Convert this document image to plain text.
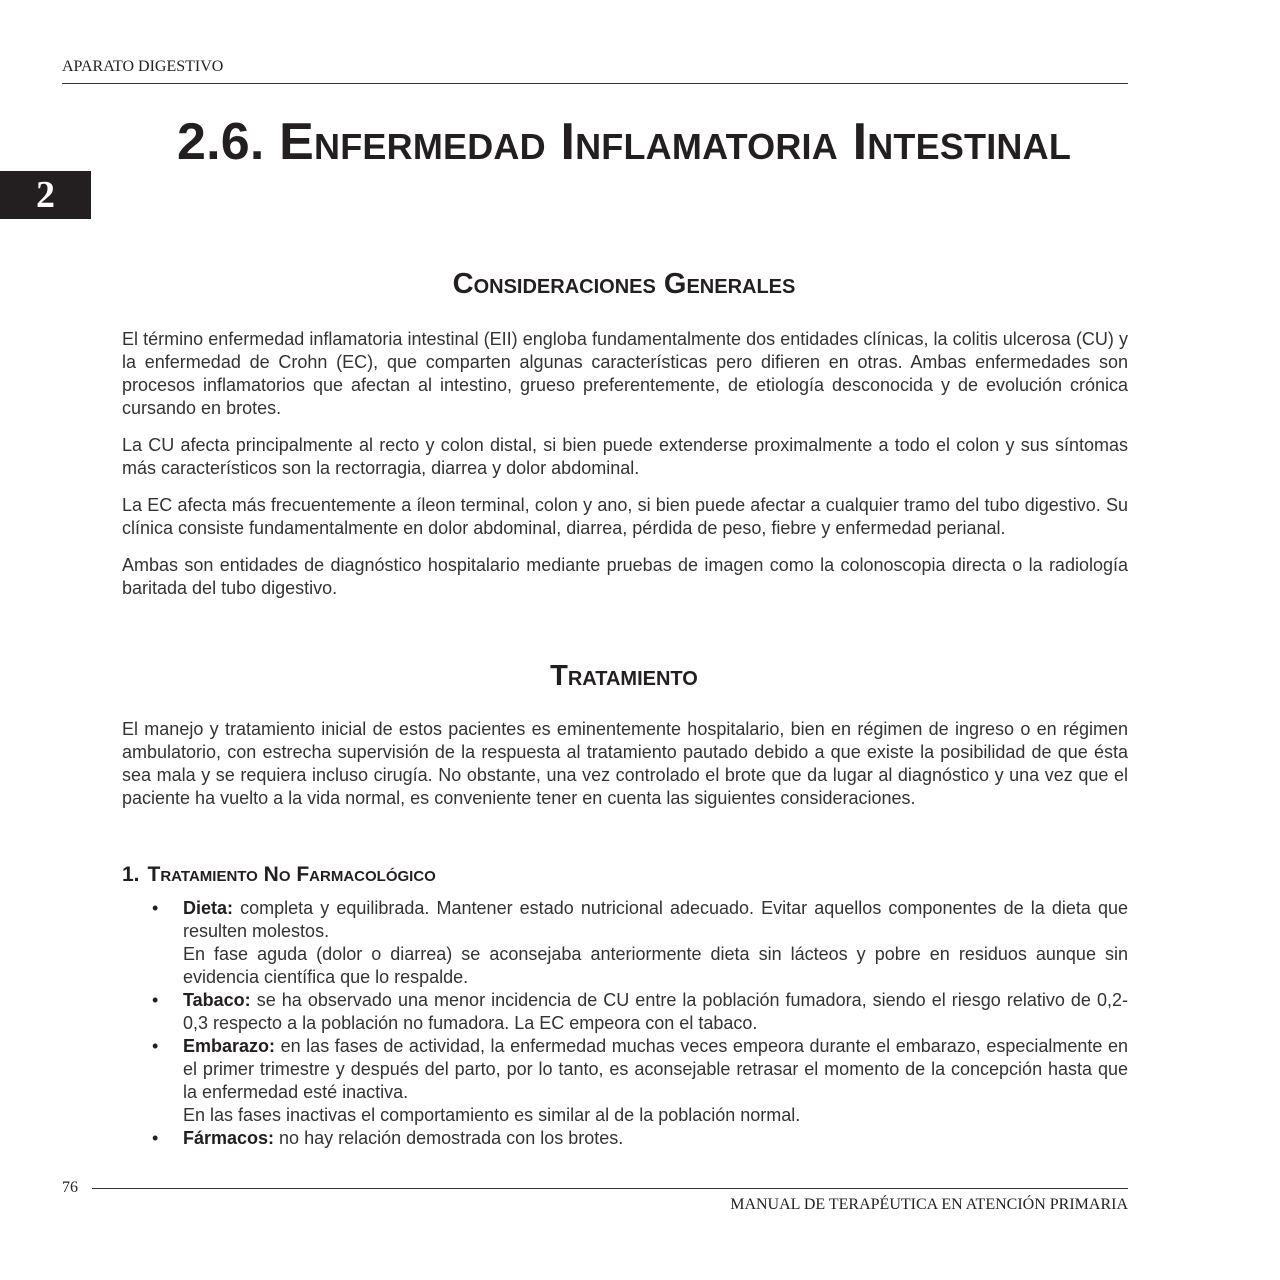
APARATO DIGESTIVO
2
2.6. Enfermedad Inflamatoria Intestinal
Consideraciones Generales

El término enfermedad inflamatoria intestinal (EII) engloba fundamentalmente dos entidades clínicas, la colitis ulcerosa (CU) y la enfermedad de Crohn (EC), que comparten algunas características pero difieren en otras. Ambas enfermedades son procesos inflamatorios que afectan al intestino, grueso preferentemente, de etiología desconocida y de evolución crónica cursando en brotes.

La CU afecta principalmente al recto y colon distal, si bien puede extenderse proximalmente a todo el colon y sus síntomas más característicos son la rectorragia, diarrea y dolor abdominal.

La EC afecta más frecuentemente a íleon terminal, colon y ano, si bien puede afectar a cualquier tramo del tubo digestivo. Su clínica consiste fundamentalmente en dolor abdominal, diarrea, pérdida de peso, fiebre y enfermedad perianal.

Ambas son entidades de diagnóstico hospitalario mediante pruebas de imagen como la colonoscopia directa o la radiología baritada del tubo digestivo.

Tratamiento

El manejo y tratamiento inicial de estos pacientes es eminentemente hospitalario, bien en régimen de ingreso o en régimen ambulatorio, con estrecha supervisión de la respuesta al tratamiento pautado debido a que existe la posibilidad de que ésta sea mala y se requiera incluso cirugía. No obstante, una vez controlado el brote que da lugar al diagnóstico y una vez que el paciente ha vuelto a la vida normal, es conveniente tener en cuenta las siguientes consideraciones.

1. Tratamiento No Farmacológico
• Dieta: completa y equilibrada. Mantener estado nutricional adecuado. Evitar aquellos componentes de la dieta que resulten molestos.
En fase aguda (dolor o diarrea) se aconsejaba anteriormente dieta sin lácteos y pobre en residuos aunque sin evidencia científica que lo respalde.
• Tabaco: se ha observado una menor incidencia de CU entre la población fumadora, siendo el riesgo relativo de 0,2-0,3 respecto a la población no fumadora. La EC empeora con el tabaco.
• Embarazo: en las fases de actividad, la enfermedad muchas veces empeora durante el embarazo, especialmente en el primer trimestre y después del parto, por lo tanto, es aconsejable retrasar el momento de la concepción hasta que la enfermedad esté inactiva.
En las fases inactivas el comportamiento es similar al de la población normal.
• Fármacos: no hay relación demostrada con los brotes.
76
MANUAL DE TERAPÉUTICA EN ATENCIÓN PRIMARIA
